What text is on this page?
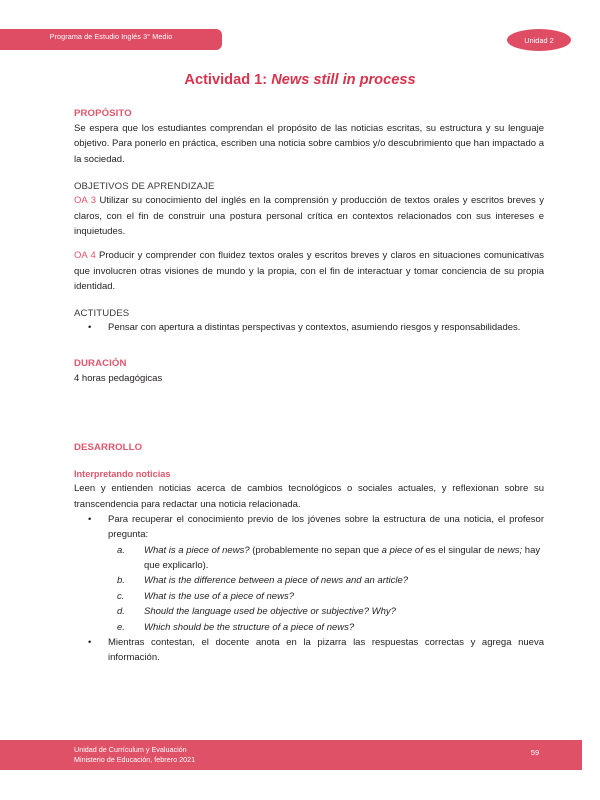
Programa de Estudio Inglés 3° Medio	Unidad 2
Actividad 1: News still in process
PROPÓSITO

Se espera que los estudiantes comprendan el propósito de las noticias escritas, su estructura y su lenguaje objetivo. Para ponerlo en práctica, escriben una noticia sobre cambios y/o descubrimiento que han impactado a la sociedad.

OBJETIVOS DE APRENDIZAJE

OA 3 Utilizar su conocimiento del inglés en la comprensión y producción de textos orales y escritos breves y claros, con el fin de construir una postura personal crítica en contextos relacionados con sus intereses e inquietudes.

OA 4 Producir y comprender con fluidez textos orales y escritos breves y claros en situaciones comunicativas que involucren otras visiones de mundo y la propia, con el fin de interactuar y tomar conciencia de su propia identidad.

ACTITUDES
• Pensar con apertura a distintas perspectivas y contextos, asumiendo riesgos y responsabilidades.
DURACIÓN

4 horas pedagógicas

DESARROLLO
Interpretando noticias

Leen y entienden noticias acerca de cambios tecnológicos o sociales actuales, y reflexionan sobre su transcendencia para redactar una noticia relacionada.

• Para recuperar el conocimiento previo de los jóvenes sobre la estructura de una noticia, el profesor pregunta:
a. What is a piece of news? (probablemente no sepan que a piece of es el singular de news; hay que explicarlo).
b. What is the difference between a piece of news and an article?
c. What is the use of a piece of news?
d. Should the language used be objective or subjective? Why?
e. Which should be the structure of a piece of news?
• Mientras contestan, el docente anota en la pizarra las respuestas correctas y agrega nueva información.
Unidad de Currículum y Evaluación
Ministerio de Educación, febrero 2021
59
